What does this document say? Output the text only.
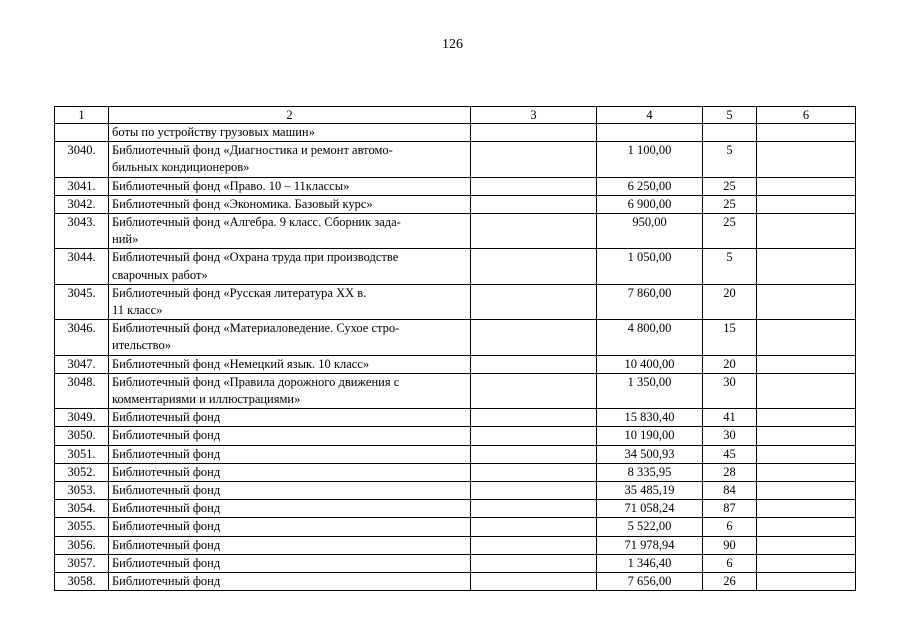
126
1	2	3	4	5	6

	боты по устройству грузовых машин»				

3040.	Библиотечный фонд «Диагностика и ремонт автомо-
бильных кондиционеров»		1 100,00	5	
3041.	Библиотечный фонд «Право. 10 – 11классы»		6 250,00	25	
3042.	Библиотечный фонд «Экономика. Базовый курс»		6 900,00	25	
3043.	Библиотечный фонд «Алгебра. 9 класс. Сборник зада-
ний»		950,00	25	
3044.	Библиотечный фонд «Охрана труда при производстве
сварочных работ»		1 050,00	5	
3045.	Библиотечный фонд «Русская литература XX в.
11 класс»		7 860,00	20	
3046.	Библиотечный фонд «Материаловедение. Сухое стро-
ительство»		4 800,00	15	
3047.	Библиотечный фонд «Немецкий язык. 10 класс»		10 400,00	20	
3048.	Библиотечный фонд «Правила дорожного движения с
комментариями и иллюстрациями»		1 350,00	30	
3049.	Библиотечный фонд		15 830,40	41	
3050.	Библиотечный фонд		10 190,00	30	
3051.	Библиотечный фонд		34 500,93	45	
3052.	Библиотечный фонд		8 335,95	28	
3053.	Библиотечный фонд		35 485,19	84	
3054.	Библиотечный фонд		71 058,24	87	
3055.	Библиотечный фонд		5 522,00	6	
3056.	Библиотечный фонд		71 978,94	90	
3057.	Библиотечный фонд		1 346,40	6	
3058.	Библиотечный фонд		7 656,00	26	
